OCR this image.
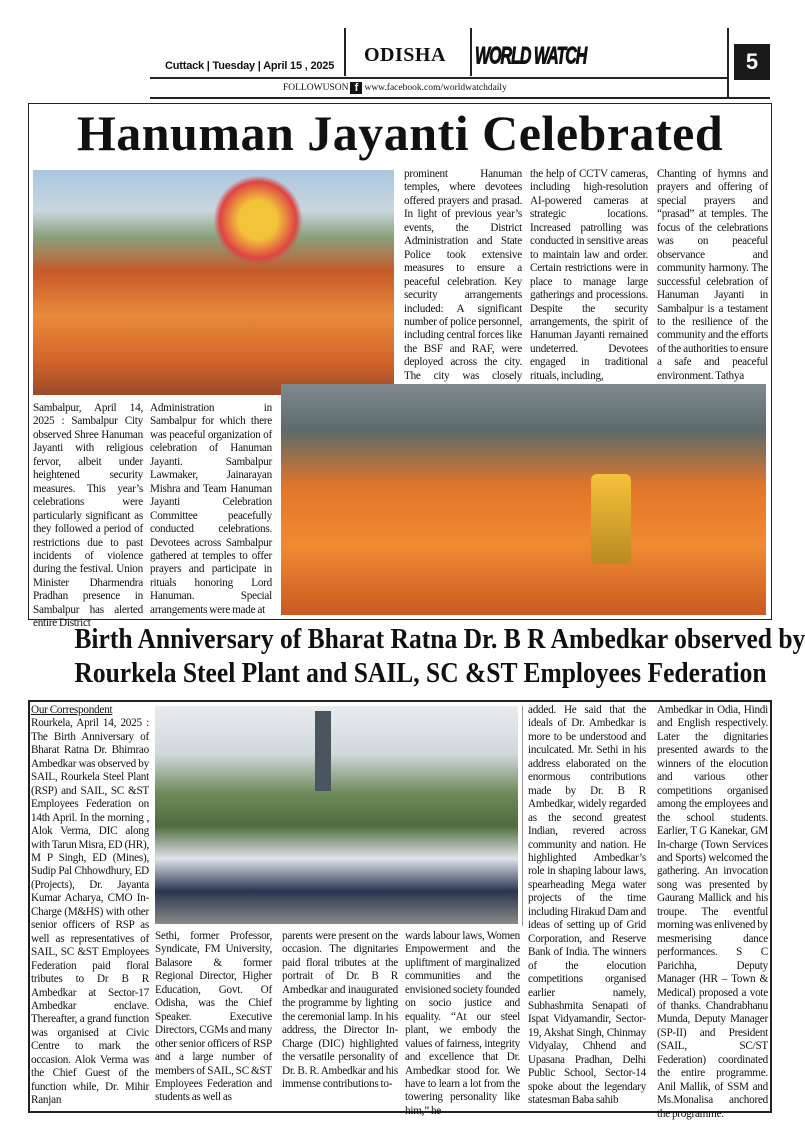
Cuttack | Tuesday | April 15 , 2025 ODISHA WORLD WATCH	5
FOLLOWUSON f www.facebook.com/worldwatchdaily
Hanuman Jayanti Celebrated
prominent Hanuman temples, where devotees offered prayers and prasad. In light of previous year’s events, the District Administration and State Police took extensive measures to ensure a peaceful celebration. Key security arrangements included: A significant number of police personnel, including central forces like the BSF and RAF, were deployed across the city. The city was closely
the help of CCTV cameras, including high-resolution AI-powered cameras at strategic locations. Increased patrolling was conducted in sensitive areas to maintain law and order. Certain restrictions were in place to manage large gatherings and processions. Despite the security arrangements, the spirit of Hanuman Jayanti remained undeterred. Devotees engaged in traditional rituals, including,
Chanting of hymns and prayers and offering of special prayers and “prasad” at temples. The focus of the celebrations was on peaceful observance and community harmony. The successful celebration of Hanuman Jayanti in Sambalpur is a testament to the resilience of the community and the efforts of the authorities to ensure a safe and peaceful environment. Tathya
Sambalpur, April 14, 2025 : Sambalpur City observed Shree Hanuman Jayanti with religious fervor, albeit under heightened security measures. This year’s celebrations were particularly significant as they followed a period of restrictions due to past incidents of violence during the festival. Union Minister Dharmendra Pradhan presence in Sambalpur has alerted entire District
Administration in Sambalpur for which there was peaceful organization of celebration of Hanuman Jayanti. Sambalpur Lawmaker, Jainarayan Mishra and Team Hanuman Jayanti Celebration Committee peacefully conducted celebrations. Devotees across Sambalpur gathered at temples to offer prayers and participate in rituals honoring Lord Hanuman. Special arrangements were made at
Birth Anniversary of Bharat Ratna Dr. B R Ambedkar observed by
Rourkela Steel Plant and SAIL, SC &ST Employees Federation
Our Correspondent
Rourkela, April 14, 2025 : The Birth Anniversary of Bharat Ratna Dr. Bhimrao Ambedkar was observed by SAIL, Rourkela Steel Plant (RSP) and SAIL, SC &ST Employees Federation on 14th April. In the morning , Alok Verma, DIC along with Tarun Misra, ED (HR), M P Singh, ED (Mines), Sudip Pal Chhowdhury, ED (Projects), Dr. Jayanta Kumar Acharya, CMO In-Charge (M&HS) with other senior officers of RSP as well as representatives of SAIL, SC &ST Employees Federation paid floral tributes to Dr B R Ambedkar at Sector-17 Ambedkar enclave. Thereafter, a grand function was organised at Civic Centre to mark the occasion. Alok Verma was the Chief Guest of the function while, Dr. Mihir Ranjan
Sethi, former Professor, Syndicate, FM University, Balasore & former Regional Director, Higher Education, Govt. Of Odisha, was the Chief Speaker. Executive Directors, CGMs and many other senior officers of RSP and a large number of members of SAIL, SC &ST Employees Federation and students as well as
parents were present on the occasion. The dignitaries paid floral tributes at the portrait of Dr. B R Ambedkar and inaugurated the programme by lighting the ceremonial lamp. In his address, the Director In-Charge (DIC) highlighted the versatile personality of Dr. B. R. Ambedkar and his immense contributions to-
wards labour laws, Women Empowerment and the upliftment of marginalized communities and the envisioned society founded on socio justice and equality. “At our steel plant, we embody the values of fairness, integrity and excellence that Dr. Ambedkar stood for. We have to learn a lot from the towering personality like him,” he
added. He said that the ideals of Dr. Ambedkar is more to be understood and inculcated. Mr. Sethi in his address elaborated on the enormous contributions made by Dr. B R Ambedkar, widely regarded as the second greatest Indian, revered across community and nation. He highlighted Ambedkar’s role in shaping labour laws, spearheading Mega water projects of the time including Hirakud Dam and ideas of setting up of Grid Corporation, and Reserve Bank of India. The winners of the elocution competitions organised earlier namely, Subhashmita Senapati of Ispat Vidyamandir, Sector-19, Akshat Singh, Chinmay Vidyalay, Chhend and Upasana Pradhan, Delhi Public School, Sector-14 spoke about the legendary statesman Baba sahib
Ambedkar in Odia, Hindi and English respectively. Later the dignitaries presented awards to the winners of the elocution and various other competitions organised among the employees and the school students. Earlier, T G Kanekar, GM In-charge (Town Services and Sports) welcomed the gathering. An invocation song was presented by Gaurang Mallick and his troupe. The eventful morning was enlivened by mesmerising dance performances. S C Parichha, Deputy Manager (HR – Town & Medical) proposed a vote of thanks. Chandrabhanu Munda, Deputy Manager (SP-II) and President (SAIL, SC/ST Federation) coordinated the entire programme. Anil Mallik, of SSM and Ms.Monalisa anchored the programme.
